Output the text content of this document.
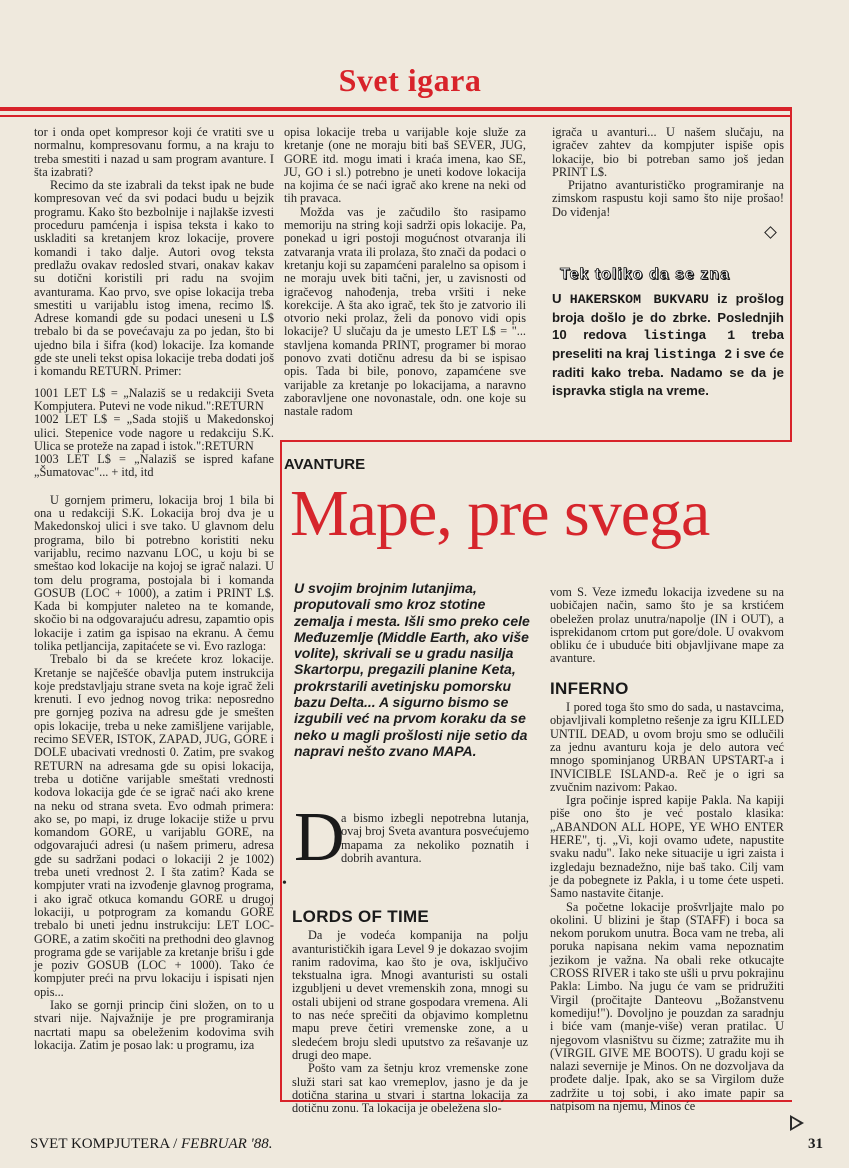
Svet igara

tor i onda opet kompresor koji će vratiti sve u normalnu, kompresovanu formu, a na kraju to treba smestiti i nazad u sam program avanture. I šta izabrati?

Recimo da ste izabrali da tekst ipak ne bude kompresovan već da svi podaci budu u bejzik programu. Kako što bezbolnije i najlakše izvesti proceduru pamćenja i ispisa teksta i kako to uskladiti sa kretanjem kroz lokacije, provere komandi i tako dalje. Autori ovog teksta predlažu ovakav redosled stvari, onakav kakav su dotični koristili pri radu na svojim avanturama. Kao prvo, sve opise lokacija treba smestiti u varijablu istog imena, recimo l$. Adrese komandi gde su podaci uneseni u L$ trebalo bi da se povećavaju za po jedan, što bi ujedno bila i šifra (kod) lokacije. Iza komande gde ste uneli tekst opisa lokacije treba dodati još i komandu RETURN. Primer:

1001 LET L$ = „Nalaziš se u redakciji Sveta Kompjutera. Putevi ne vode nikud.":RETURN

1002 LET L$ = „Sada stojiš u Makedonskoj ulici. Stepenice vode nagore u redakciju S.K. Ulica se proteže na zapad i istok.":RETURN

1003 LET L$ = „Nalaziš se ispred kafane „Šumatovac"... + itd, itd

U gornjem primeru, lokacija broj 1 bila bi ona u redakciji S.K. Lokacija broj dva je u Makedonskoj ulici i sve tako. U glavnom delu programa, bilo bi potrebno koristiti neku varijablu, recimo nazvanu LOC, u koju bi se smeštao kod lokacije na kojoj se igrač nalazi. U tom delu programa, postojala bi i komanda GOSUB (LOC + 1000), a zatim i PRINT L$. Kada bi kompjuter naleteo na te komande, skočio bi na odgovarajuću adresu, zapamtio opis lokacije i zatim ga ispisao na ekranu. A čemu tolika petljancija, zapitaćete se vi. Evo razloga:

Trebalo bi da se krećete kroz lokacije. Kretanje se najčešće obavlja putem instrukcija koje predstavljaju strane sveta na koje igrač želi krenuti. I evo jednog novog trika: neposredno pre gornjeg poziva na adresu gde je smešten opis lokacije, treba u neke zamišljene varijable, recimo SEVER, ISTOK, ZAPAD, JUG, GORE i DOLE ubacivati vrednosti 0. Zatim, pre svakog RETURN na adresama gde su opisi lokacija, treba u dotične varijable smeštati vrednosti kodova lokacija gde će se igrač naći ako krene na neku od strana sveta. Evo odmah primera: ako se, po mapi, iz druge lokacije stiže u prvu komandom GORE, u varijablu GORE, na odgovarajući adresi (u našem primeru, adresa gde su sadržani podaci o lokaciji 2 je 1002) treba uneti vrednost 2. I šta zatim? Kada se kompjuter vrati na izvođenje glavnog programa, i ako igrač otkuca komandu GORE u drugoj lokaciji, u potprogram za komandu GORE trebalo bi uneti jednu instrukciju: LET LOC-GORE, a zatim skočiti na prethodni deo glavnog programa gde se varijable za kretanje brišu i gde je poziv GOSUB (LOC + 1000). Tako će kompjuter preći na prvu lokaciju i ispisati njen opis...

Iako se gornji princip čini složen, on to u stvari nije. Najvažnije je pre programiranja nacrtati mapu sa obeleženim kodovima svih lokacija. Zatim je posao lak: u programu, iza

opisa lokacije treba u varijable koje služe za kretanje (one ne moraju biti baš SEVER, JUG, GORE itd. mogu imati i kraća imena, kao SE, JU, GO i sl.) potrebno je uneti kodove lokacija na kojima će se naći igrač ako krene na neki od tih pravaca.

Možda vas je začudilo što rasipamo memoriju na string koji sadrži opis lokacije. Pa, ponekad u igri postoji mogućnost otvaranja ili zatvaranja vrata ili prolaza, što znači da podaci o kretanju koji su zapamćeni paralelno sa opisom i ne moraju uvek biti tačni, jer, u zavisnosti od igračevog nahođenja, treba vršiti i neke korekcije. A šta ako igrač, tek što je zatvorio ili otvorio neki prolaz, želi da ponovo vidi opis lokacije? U slučaju da je umesto LET L$ = "... stavljena komanda PRINT, programer bi morao ponovo zvati dotičnu adresu da bi se ispisao opis. Tada bi bile, ponovo, zapamćene sve varijable za kretanje po lokacijama, a naravno zaboravljene one novonastale, odn. one koje su nastale radom

igrača u avanturi... U našem slučaju, na igračev zahtev da kompjuter ispiše opis lokacije, bio bi potreban samo još jedan PRINT L$.

Prijatno avanturističko programiranje na zimskom raspustu koji samo što nije prošao! Do viđenja!

Tek toliko da se zna
U HAKERSKOM BUKVARU iz prošlog broja došlo je do zbrke. Poslednjih 10 redova listinga 1 treba preseliti na kraj listinga 2 i sve će raditi kako treba. Nadamo se da je ispravka stigla na vreme.
AVANTURE
Mape, pre svega
U svojim brojnim lutanjima, proputovali smo kroz stotine zemalja i mesta. Išli smo preko cele Međuzemlje (Middle Earth, ako više volite), skrivali se u gradu nasilja Skartorpu, pregazili planine Keta, prokrstarili avetinjsku pomorsku bazu Delta... A sigurno bismo se izgubili već na prvom koraku da se neko u magli prošlosti nije setio da napravi nešto zvano MAPA.
D
•

a bismo izbegli nepotrebna lutanja, ovaj broj Sveta avantura posvećujemo mapama za nekoliko poznatih i dobrih avantura.

LORDS OF TIME

Da je vodeća kompanija na polju avanturističkih igara Level 9 je dokazao svojim ranim radovima, kao što je ova, isključivo tekstualna igra. Mnogi avanturisti su ostali izgubljeni u devet vremenskih zona, mnogi su ostali ubijeni od strane gospodara vremena. Ali to nas neće sprečiti da objavimo kompletnu mapu preve četiri vremenske zone, a u sledećem broju sledi uputstvo za rešavanje uz drugi deo mape.

Pošto vam za šetnju kroz vremenske zone služi stari sat kao vremeplov, jasno je da je dotična starina u stvari i startna lokacija za dotičnu zonu. Ta lokacija je obeležena slo-

vom S. Veze između lokacija izvedene su na uobičajen način, samo što je sa krstićem obeležen prolaz unutra/napolje (IN i OUT), a isprekidanom crtom put gore/dole. U ovakvom obliku će i ubuduće biti objavljivane mape za avanture.

INFERNO

I pored toga što smo do sada, u nastavcima, objavljivali kompletno rešenje za igru KILLED UNTIL DEAD, u ovom broju smo se odlučili za jednu avanturu koja je delo autora već mnogo spominjanog URBAN UPSTART-a i INVICIBLE ISLAND-a. Reč je o igri sa zvučnim nazivom: Pakao.

Igra počinje ispred kapije Pakla. Na kapiji piše ono što je već postalo klasika: „ABANDON ALL HOPE, YE WHO ENTER HERE", tj. „Vi, koji ovamo uđete, napustite svaku nadu". Iako neke situacije u igri zaista i izgledaju beznadežno, nije baš tako. Cilj vam je da pobegnete iz Pakla, i u tome ćete uspeti. Samo nastavite čitanje.

Sa početne lokacije prošvrljajte malo po okolini. U blizini je štap (STAFF) i boca sa nekom porukom unutra. Boca vam ne treba, ali poruka napisana nekim vama nepoznatim jezikom je važna. Na obali reke otkucajte CROSS RIVER i tako ste ušli u prvu pokrajinu Pakla: Limbo. Na jugu će vam se pridružiti Virgil (pročitajte Danteovu „Božanstvenu komediju!"). Dovoljno je pouzdan za saradnju i biće vam (manje-više) veran pratilac. U njegovom vlasništvu su čizme; zatražite mu ih (VIRGIL GIVE ME BOOTS). U gradu koji se nalazi severnije je Minos. On ne dozvoljava da prođete dalje. Ipak, ako se sa Virgilom duže zadržite u toj sobi, i ako imate papir sa natpisom na njemu, Minos će

SVET KOMPJUTERA / FEBRUAR '88.	31
